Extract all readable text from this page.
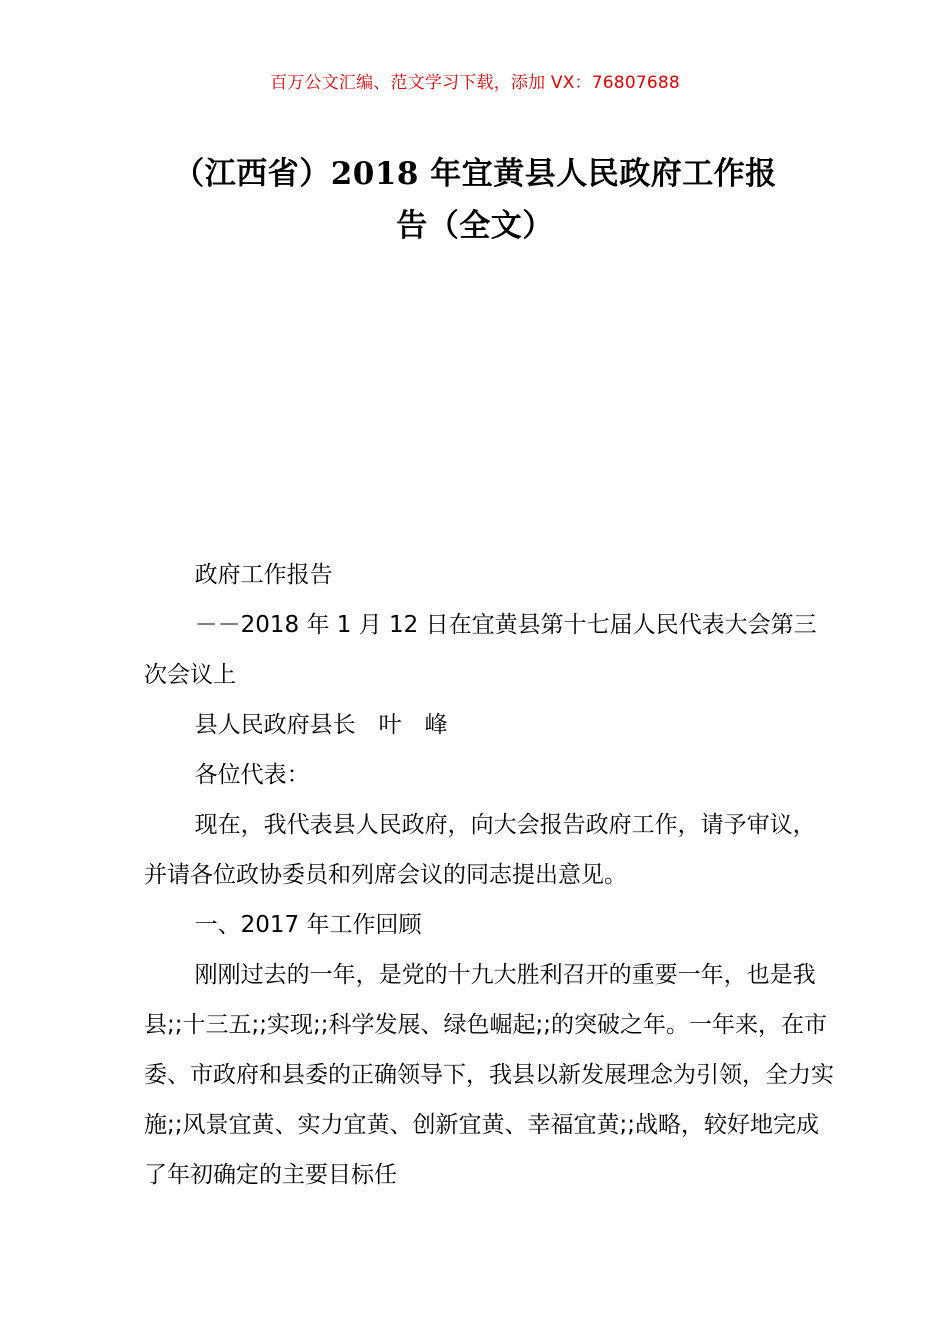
百万公文汇编、范文学习下载，添加 VX：76807688
（江西省）2018 年宜黄县人民政府工作报
告（全文）

政府工作报告

－－2018 年 1 月 12 日在宜黄县第十七届人民代表大会第三次会议上

县人民政府县长　叶　峰

各位代表：

现在，我代表县人民政府，向大会报告政府工作，请予审议，并请各位政协委员和列席会议的同志提出意见。

一、2017 年工作回顾

刚刚过去的一年，是党的十九大胜利召开的重要一年，也是我县;;十三五;;实现;;科学发展、绿色崛起;;的突破之年。一年来，在市委、市政府和县委的正确领导下，我县以新发展理念为引领，全力实施;;风景宜黄、实力宜黄、创新宜黄、幸福宜黄;;战略，较好地完成了年初确定的主要目标任
